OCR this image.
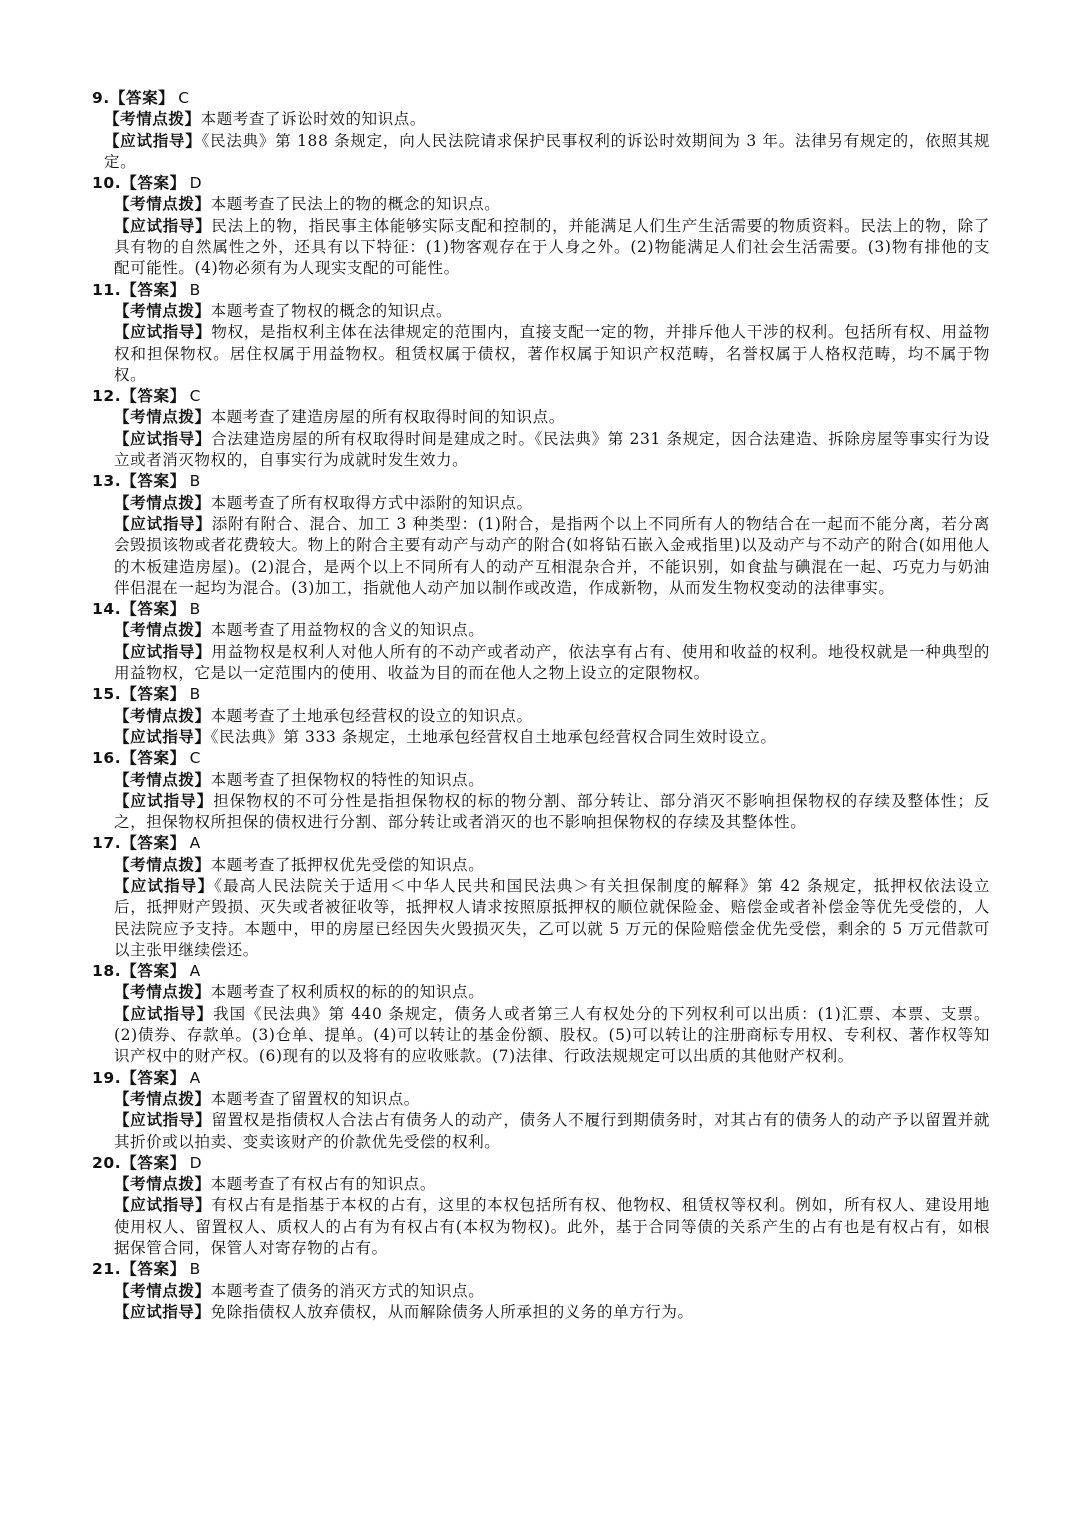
9.【答案】 C
【考情点拨】本题考查了诉讼时效的知识点。
【应试指导】《民法典》第 188 条规定，向人民法院请求保护民事权利的诉讼时效期间为 3 年。法律另有规定的，依照其规定。
10.【答案】 D
【考情点拨】本题考查了民法上的物的概念的知识点。
【应试指导】民法上的物，指民事主体能够实际支配和控制的，并能满足人们生产生活需要的物质资料。民法上的物，除了具有物的自然属性之外，还具有以下特征：(1)物客观存在于人身之外。(2)物能满足人们社会生活需要。(3)物有排他的支配可能性。(4)物必须有为人现实支配的可能性。
11.【答案】 B
【考情点拨】本题考查了物权的概念的知识点。
【应试指导】物权，是指权利主体在法律规定的范围内，直接支配一定的物，并排斥他人干涉的权利。包括所有权、用益物权和担保物权。居住权属于用益物权。租赁权属于债权，著作权属于知识产权范畴，名誉权属于人格权范畴，均不属于物权。
12.【答案】 C
【考情点拨】本题考查了建造房屋的所有权取得时间的知识点。
【应试指导】合法建造房屋的所有权取得时间是建成之时。《民法典》第 231 条规定，因合法建造、拆除房屋等事实行为设立或者消灭物权的，自事实行为成就时发生效力。
13.【答案】 B
【考情点拨】本题考查了所有权取得方式中添附的知识点。
【应试指导】添附有附合、混合、加工 3 种类型：(1)附合，是指两个以上不同所有人的物结合在一起而不能分离，若分离会毁损该物或者花费较大。物上的附合主要有动产与动产的附合(如将钻石嵌入金戒指里)以及动产与不动产的附合(如用他人的木板建造房屋)。(2)混合，是两个以上不同所有人的动产互相混杂合并，不能识别，如食盐与碘混在一起、巧克力与奶油伴侣混在一起均为混合。(3)加工，指就他人动产加以制作或改造，作成新物，从而发生物权变动的法律事实。
14.【答案】 B
【考情点拨】本题考查了用益物权的含义的知识点。
【应试指导】用益物权是权利人对他人所有的不动产或者动产，依法享有占有、使用和收益的权利。地役权就是一种典型的用益物权，它是以一定范围内的使用、收益为目的而在他人之物上设立的定限物权。
15.【答案】 B
【考情点拨】本题考查了土地承包经营权的设立的知识点。
【应试指导】《民法典》第 333 条规定，土地承包经营权自土地承包经营权合同生效时设立。
16.【答案】 C
【考情点拨】本题考查了担保物权的特性的知识点。
【应试指导】担保物权的不可分性是指担保物权的标的物分割、部分转让、部分消灭不影响担保物权的存续及整体性；反之，担保物权所担保的债权进行分割、部分转让或者消灭的也不影响担保物权的存续及其整体性。
17.【答案】 A
【考情点拨】本题考查了抵押权优先受偿的知识点。
【应试指导】《最高人民法院关于适用＜中华人民共和国民法典＞有关担保制度的解释》第 42 条规定，抵押权依法设立后，抵押财产毁损、灭失或者被征收等，抵押权人请求按照原抵押权的顺位就保险金、赔偿金或者补偿金等优先受偿的，人民法院应予支持。本题中，甲的房屋已经因失火毁损灭失，乙可以就 5 万元的保险赔偿金优先受偿，剩余的 5 万元借款可以主张甲继续偿还。
18.【答案】 A
【考情点拨】本题考查了权利质权的标的的知识点。
【应试指导】我国《民法典》第 440 条规定，债务人或者第三人有权处分的下列权利可以出质：(1)汇票、本票、支票。(2)债券、存款单。(3)仓单、提单。(4)可以转让的基金份额、股权。(5)可以转让的注册商标专用权、专利权、著作权等知识产权中的财产权。(6)现有的以及将有的应收账款。(7)法律、行政法规规定可以出质的其他财产权利。
19.【答案】 A
【考情点拨】本题考查了留置权的知识点。
【应试指导】留置权是指债权人合法占有债务人的动产，债务人不履行到期债务时，对其占有的债务人的动产予以留置并就其折价或以拍卖、变卖该财产的价款优先受偿的权利。
20.【答案】 D
【考情点拨】本题考查了有权占有的知识点。
【应试指导】有权占有是指基于本权的占有，这里的本权包括所有权、他物权、租赁权等权利。例如，所有权人、建设用地使用权人、留置权人、质权人的占有为有权占有(本权为物权)。此外，基于合同等债的关系产生的占有也是有权占有，如根据保管合同，保管人对寄存物的占有。
21.【答案】 B
【考情点拨】本题考查了债务的消灭方式的知识点。
【应试指导】免除指债权人放弃债权，从而解除债务人所承担的义务的单方行为。
